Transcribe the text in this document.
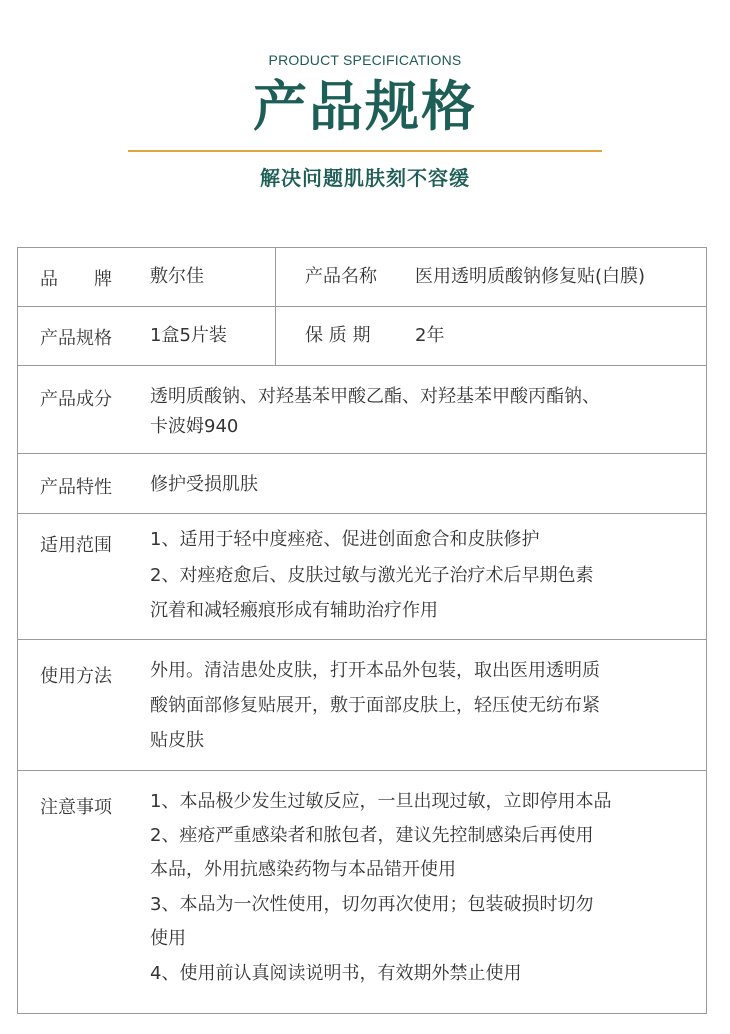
PRODUCT SPECIFICATIONS
产品规格
解决问题肌肤刻不容缓
品　　牌 敷尔佳	产品名称 医用透明质酸钠修复贴(白膜)
产品规格 1盒5片装	保 质 期 2年
产品成分 透明质酸钠、对羟基苯甲酸乙酯、对羟基苯甲酸丙酯钠、
卡波姆940
产品特性 修护受损肌肤
适用范围 1、适用于轻中度痤疮、促进创面愈合和皮肤修护
2、对痤疮愈后、皮肤过敏与激光光子治疗术后早期色素
沉着和减轻瘢痕形成有辅助治疗作用
使用方法 外用。清洁患处皮肤，打开本品外包装，取出医用透明质
酸钠面部修复贴展开，敷于面部皮肤上，轻压使无纺布紧
贴皮肤
注意事项 1、本品极少发生过敏反应，一旦出现过敏，立即停用本品
2、痤疮严重感染者和脓包者，建议先控制感染后再使用
本品，外用抗感染药物与本品错开使用
3、本品为一次性使用，切勿再次使用；包装破损时切勿
使用
4、使用前认真阅读说明书，有效期外禁止使用
